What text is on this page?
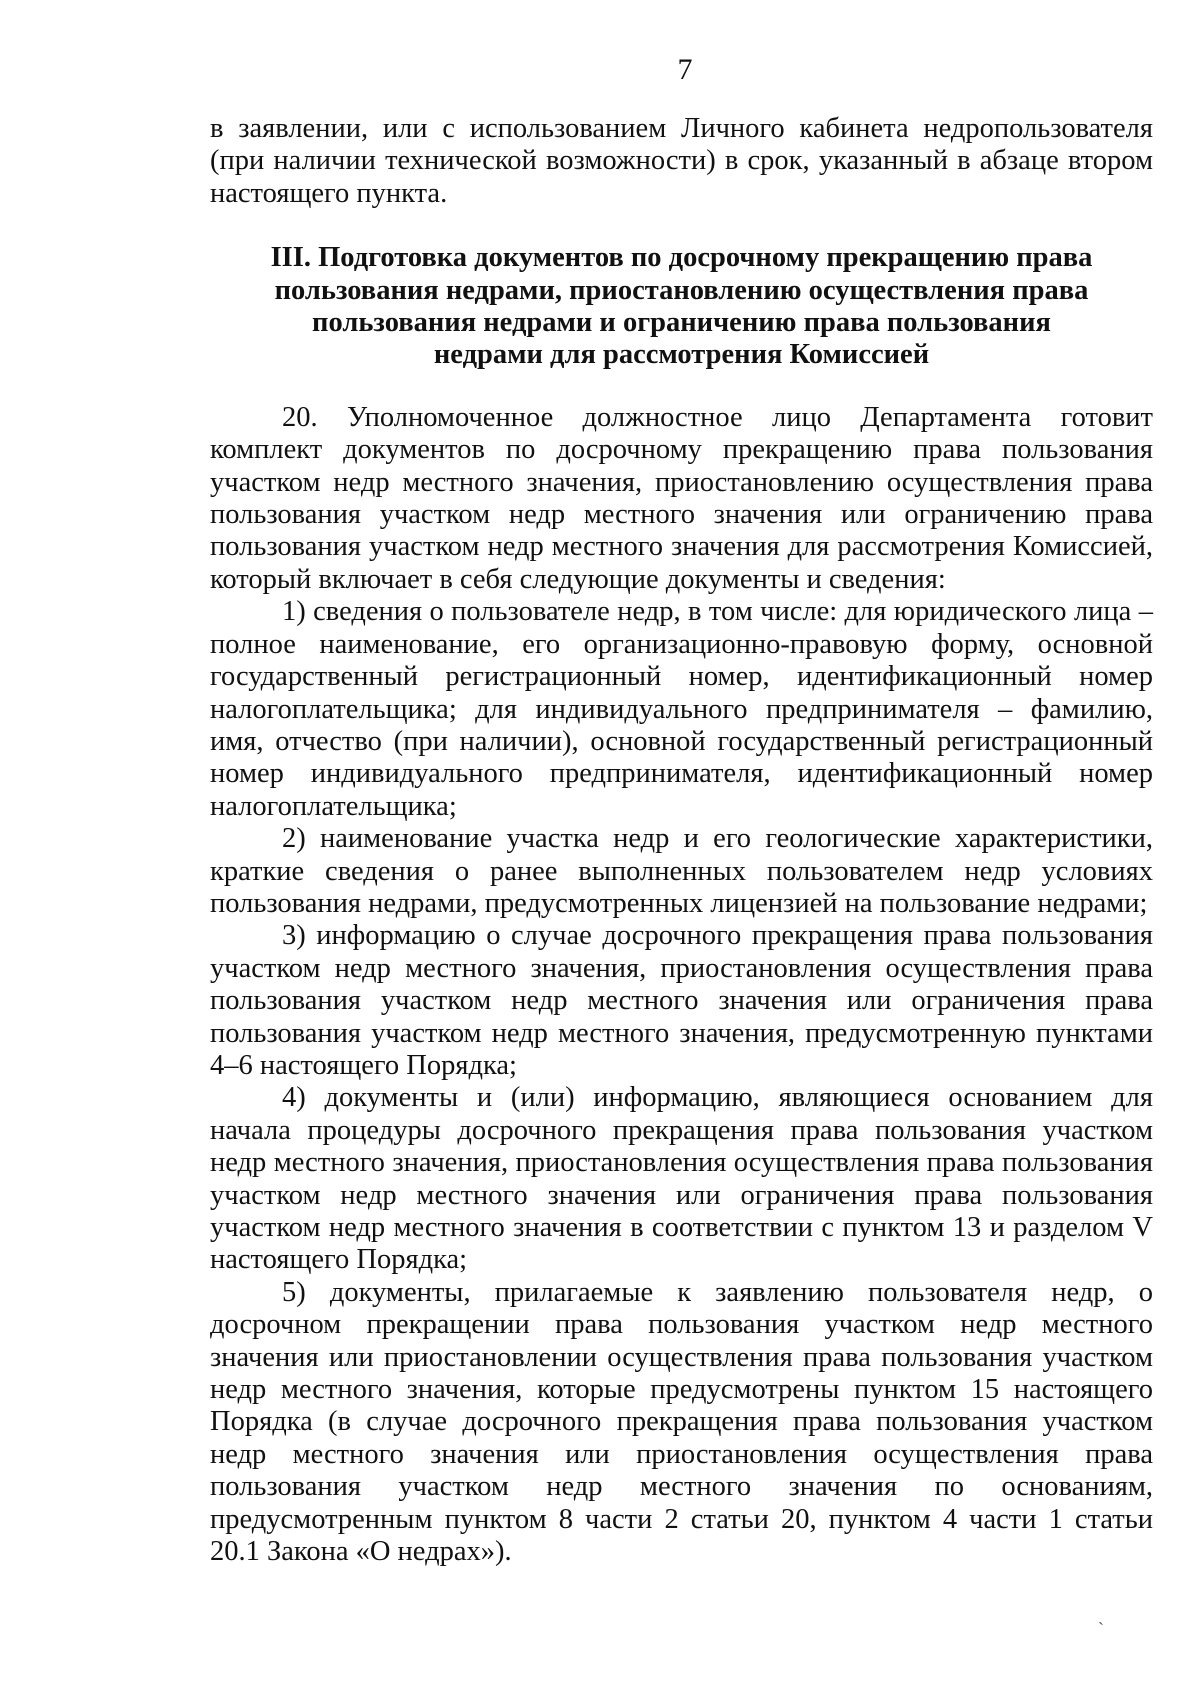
7

в заявлении, или с использованием Личного кабинета недропользователя (при наличии технической возможности) в срок, указанный в абзаце втором настоящего пункта.

III. Подготовка документов по досрочному прекращению права
пользования недрами, приостановлению осуществления права
пользования недрами и ограничению права пользования
недрами для рассмотрения Комиссией

20. Уполномоченное должностное лицо Департамента готовит комплект документов по досрочному прекращению права пользования участком недр местного значения, приостановлению осуществления права пользования участком недр местного значения или ограничению права пользования участком недр местного значения для рассмотрения Комиссией, который включает в себя следующие документы и сведения:

1) сведения о пользователе недр, в том числе: для юридического лица – полное наименование, его организационно-правовую форму, основной государственный регистрационный номер, идентификационный номер налогоплательщика; для индивидуального предпринимателя – фамилию, имя, отчество (при наличии), основной государственный регистрационный номер индивидуального предпринимателя, идентификационный номер налогоплательщика;

2) наименование участка недр и его геологические характеристики, краткие сведения о ранее выполненных пользователем недр условиях пользования недрами, предусмотренных лицензией на пользование недрами;

3) информацию о случае досрочного прекращения права пользования участком недр местного значения, приостановления осуществления права пользования участком недр местного значения или ограничения права пользования участком недр местного значения, предусмотренную пунктами 4–6 настоящего Порядка;

4) документы и (или) информацию, являющиеся основанием для начала процедуры досрочного прекращения права пользования участком недр местного значения, приостановления осуществления права пользования участком недр местного значения или ограничения права пользования участком недр местного значения в соответствии с пунктом 13 и разделом V настоящего Порядка;

5) документы, прилагаемые к заявлению пользователя недр, о досрочном прекращении права пользования участком недр местного значения или приостановлении осуществления права пользования участком недр местного значения, которые предусмотрены пунктом 15 настоящего Порядка (в случае досрочного прекращения права пользования участком недр местного значения или приостановления осуществления права пользования участком недр местного значения по основаниям, предусмотренным пунктом 8 части 2 статьи 20, пунктом 4 части 1 статьи 20.1 Закона «О недрах»).

ˏ
